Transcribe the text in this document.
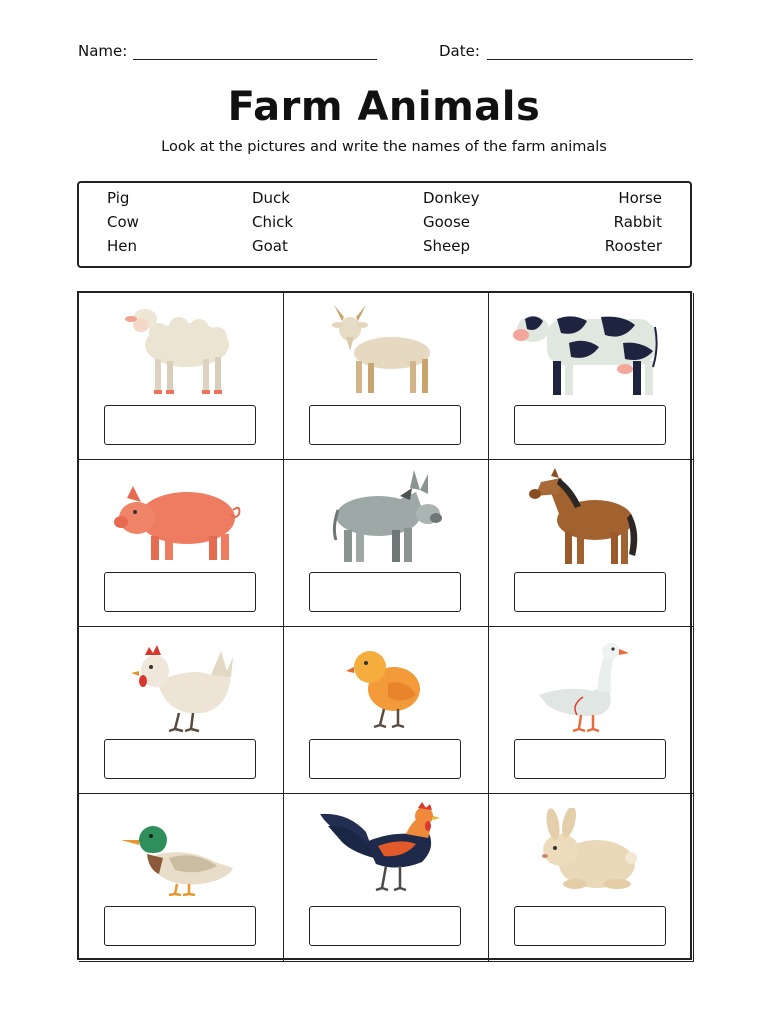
Name:	Date:
Farm Animals
Look at the pictures and write the names of the farm animals
Pig
Cow
Hen
Duck
Chick
Goat
Donkey
Goose
Sheep
Horse
Rabbit
Rooster
